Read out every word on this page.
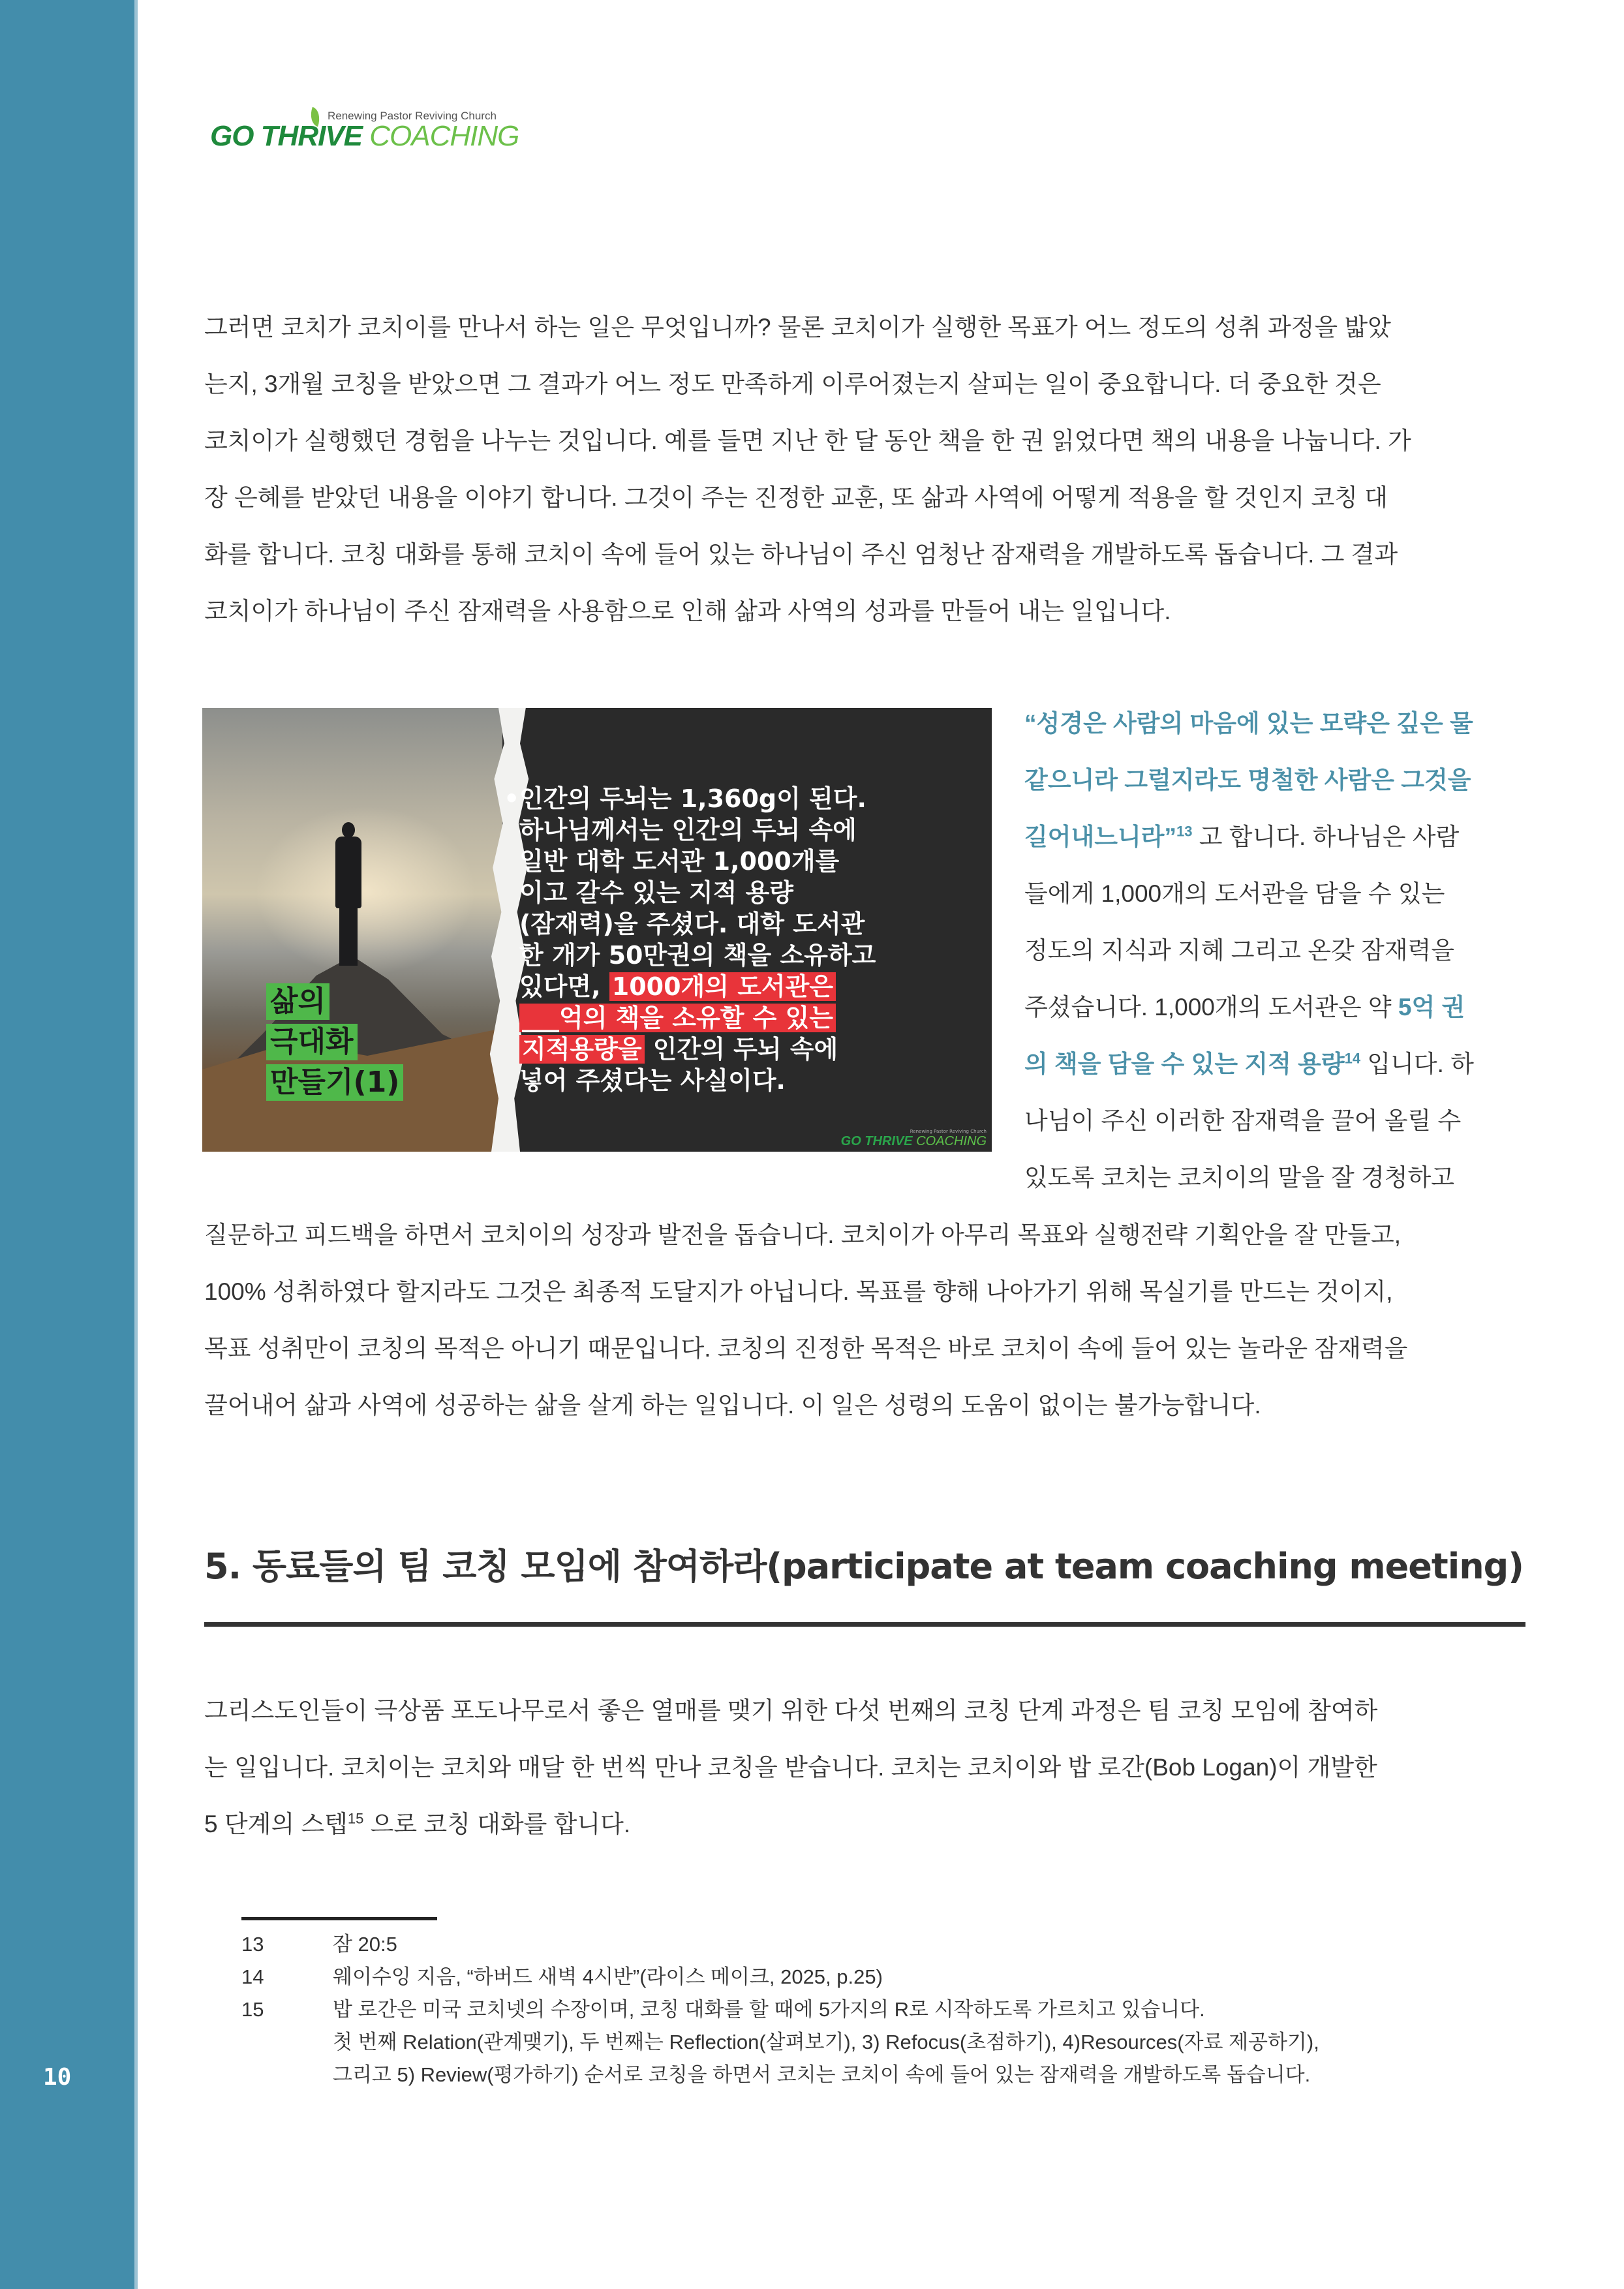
10
Renewing Pastor Reviving Church
GO THRIVE COACHING
그러면 코치가 코치이를 만나서 하는 일은 무엇입니까? 물론 코치이가 실행한 목표가 어느 정도의 성취 과정을 밟았
는지, 3개월 코칭을 받았으면 그 결과가 어느 정도 만족하게 이루어졌는지 살피는 일이 중요합니다. 더 중요한 것은
코치이가 실행했던 경험을 나누는 것입니다. 예를 들면 지난 한 달 동안 책을 한 권 읽었다면 책의 내용을 나눕니다. 가
장 은혜를 받았던 내용을 이야기 합니다. 그것이 주는 진정한 교훈, 또 삶과 사역에 어떻게 적용을 할 것인지 코칭 대
화를 합니다. 코칭 대화를 통해 코치이 속에 들어 있는 하나님이 주신 엄청난 잠재력을 개발하도록 돕습니다. 그 결과
코치이가 하나님이 주신 잠재력을 사용함으로 인해 삶과 사역의 성과를 만들어 내는 일입니다.
삶의
극대화
만들기(1)
• 인간의 두뇌는 1,360g이 된다.
하나님께서는 인간의 두뇌 속에
일반 대학 도서관 1,000개를
이고 갈수 있는 지적 용량
(잠재력)을 주셨다. 대학 도서관
한 개가 50만권의 책을 소유하고
있다면, 1000개의 도서관은
___억의 책을 소유할 수 있는
지적용량을 인간의 두뇌 속에
넣어 주셨다는 사실이다.
Renewing Pastor Reviving Church
GO THRIVE COACHING
“성경은 사람의 마음에 있는 모략은 깊은 물
같으니라 그럴지라도 명철한 사람은 그것을
길어내느니라”$^{13}$ 고 합니다. 하나님은 사람
들에게 1,000개의 도서관을 담을 수 있는
정도의 지식과 지혜 그리고 온갖 잠재력을
주셨습니다. 1,000개의 도서관은 약 5억 권
의 책을 담을 수 있는 지적 용량$^{14}$ 입니다. 하
나님이 주신 이러한 잠재력을 끌어 올릴 수
있도록 코치는 코치이의 말을 잘 경청하고
질문하고 피드백을 하면서 코치이의 성장과 발전을 돕습니다. 코치이가 아무리 목표와 실행전략 기획안을 잘 만들고,
100% 성취하였다 할지라도 그것은 최종적 도달지가 아닙니다. 목표를 향해 나아가기 위해 목실기를 만드는 것이지,
목표 성취만이 코칭의 목적은 아니기 때문입니다. 코칭의 진정한 목적은 바로 코치이 속에 들어 있는 놀라운 잠재력을
끌어내어 삶과 사역에 성공하는 삶을 살게 하는 일입니다. 이 일은 성령의 도움이 없이는 불가능합니다.
5. 동료들의 팀 코칭 모임에 참여하라(participate at team coaching meeting)
그리스도인들이 극상품 포도나무로서 좋은 열매를 맺기 위한 다섯 번째의 코칭 단계 과정은 팀 코칭 모임에 참여하
는 일입니다. 코치이는 코치와 매달 한 번씩 만나 코칭을 받습니다. 코치는 코치이와 밥 로간(Bob Logan)이 개발한
5 단계의 스텝$^{15}$ 으로 코칭 대화를 합니다.
13	잠 20:5
14	웨이수잉 지음, “하버드 새벽 4시반”(라이스 메이크, 2025, p.25)
15	밥 로간은 미국 코치넷의 수장이며, 코칭 대화를 할 때에 5가지의 R로 시작하도록 가르치고 있습니다.
첫 번째 Relation(관계맺기), 두 번째는 Reflection(살펴보기), 3) Refocus(초점하기), 4)Resources(자료 제공하기),
그리고 5) Review(평가하기) 순서로 코칭을 하면서 코치는 코치이 속에 들어 있는 잠재력을 개발하도록 돕습니다.
